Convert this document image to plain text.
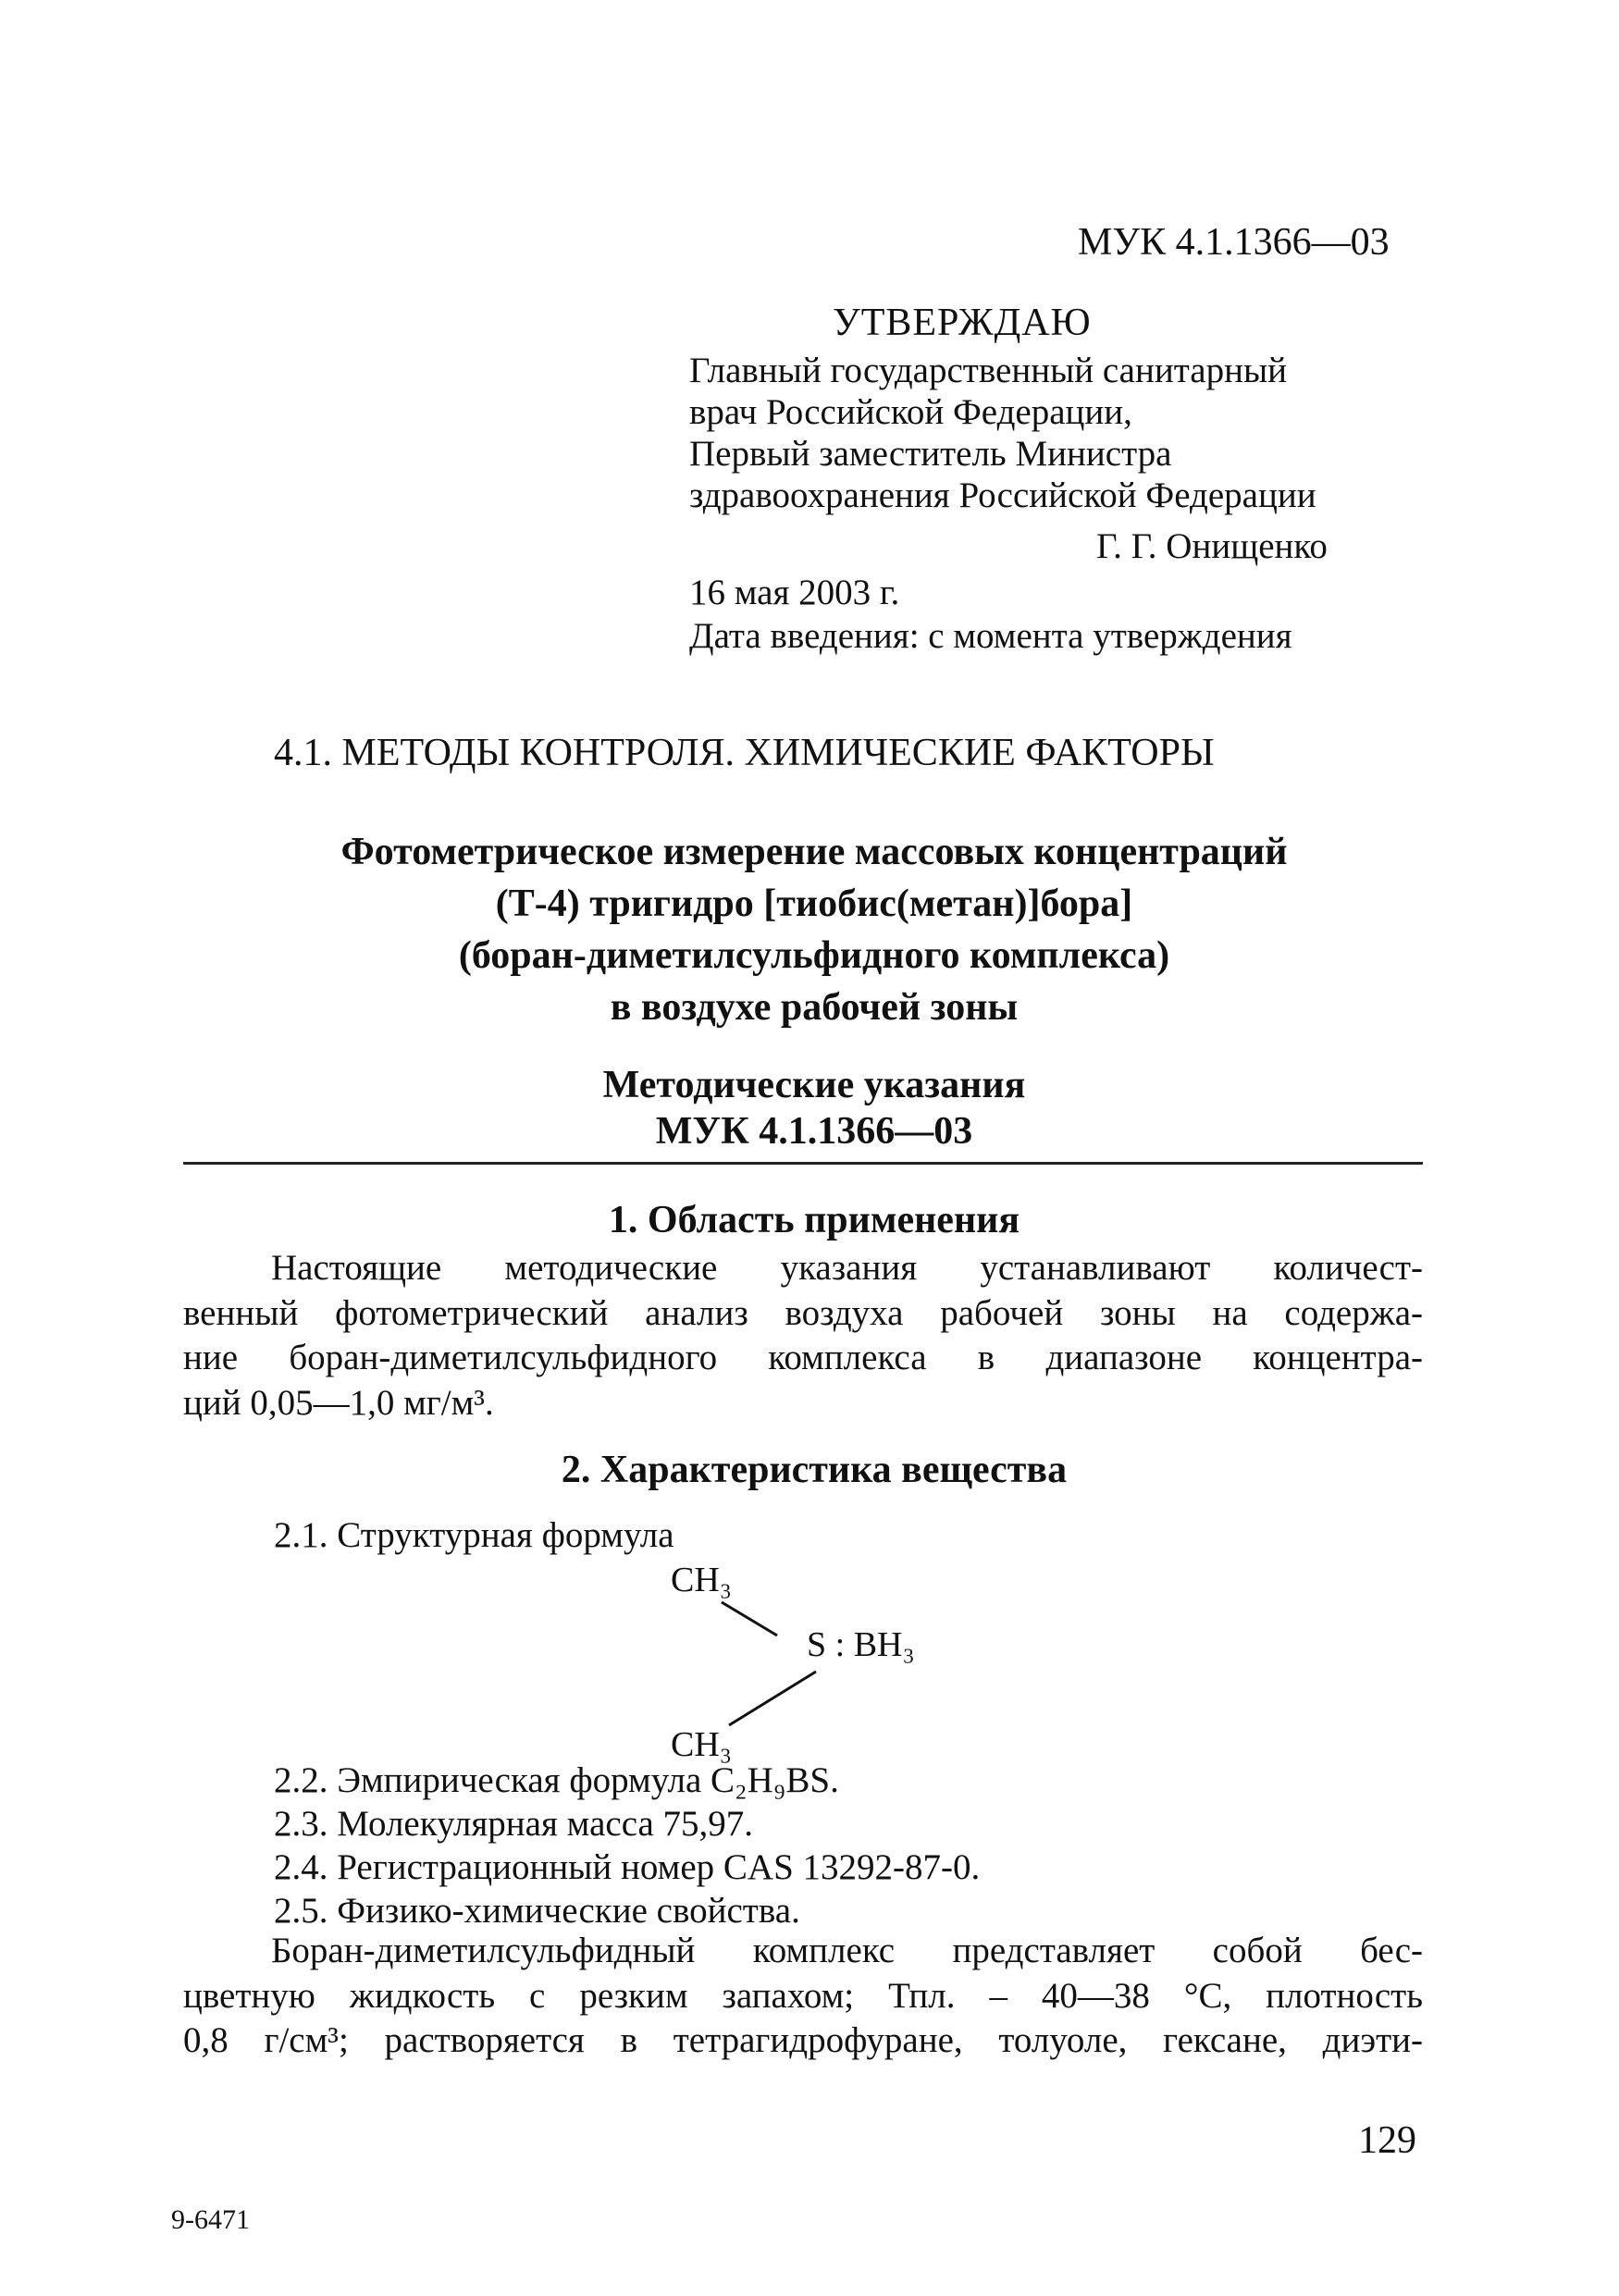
МУК 4.1.1366—03
УТВЕРЖДАЮ
Главный государственный санитарный
врач Российской Федерации,
Первый заместитель Министра
здравоохранения Российской Федерации
Г. Г. Онищенко
16 мая 2003 г.
Дата введения: с момента утверждения
4.1. МЕТОДЫ КОНТРОЛЯ. ХИМИЧЕСКИЕ ФАКТОРЫ
Фотометрическое измерение массовых концентраций
(Т-4) тригидро [тиобис(метан)]бора]
(боран-диметилсульфидного комплекса)
в воздухе рабочей зоны
Методические указания
МУК 4.1.1366—03
1. Область применения
Настоящие методические указания устанавливают количест-
венный фотометрический анализ воздуха рабочей зоны на содержа-
ние боран-диметилсульфидного комплекса в диапазоне концентра-
ций 0,05—1,0 мг/м³.
2. Характеристика вещества
2.1. Структурная формула
CH₃
S : BH₃
CH₃
2.2. Эмпирическая формула C₂H₉BS.
2.3. Молекулярная масса 75,97.
2.4. Регистрационный номер CAS 13292-87-0.
2.5. Физико-химические свойства.
Боран-диметилсульфидный комплекс представляет собой бес-
цветную жидкость с резким запахом; Тпл. – 40—38 °С, плотность
0,8 г/см³; растворяется в тетрагидрофуране, толуоле, гексане, диэти-
129
9-6471
